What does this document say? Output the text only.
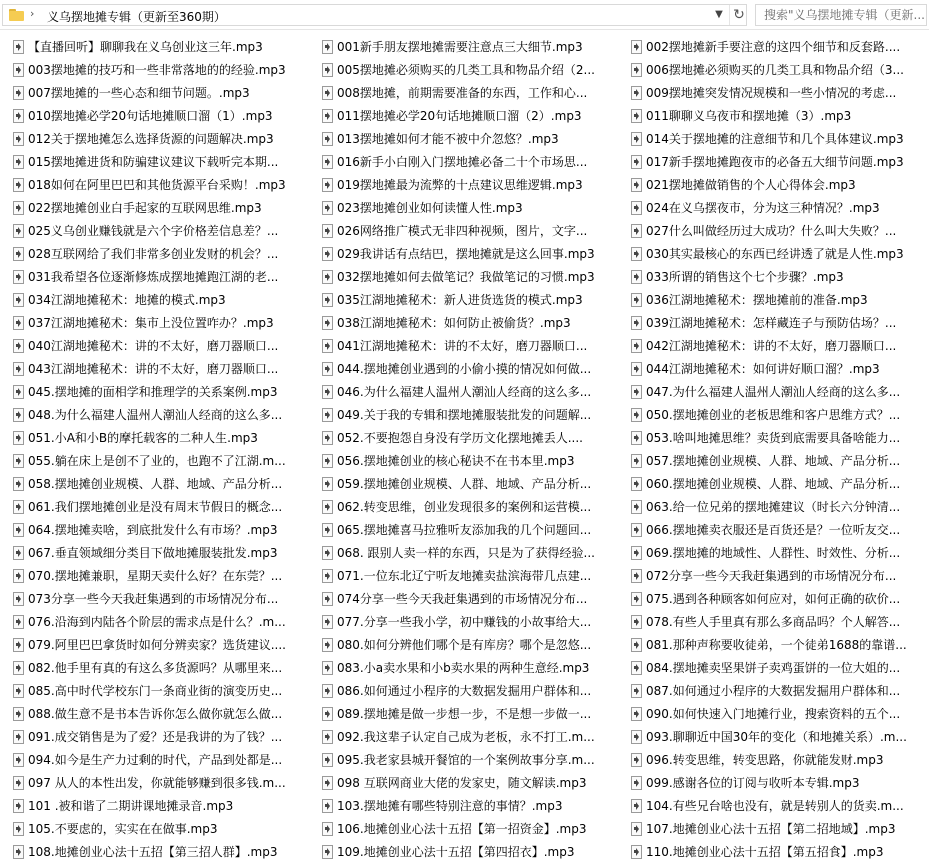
› 义乌摆地摊专辑（更新至360期）	▼ ↻
搜索"义乌摆地摊专辑（更新...
【直播回听】聊聊我在义乌创业这三年.mp3	001新手朋友摆地摊需要注意点三大细节.mp3	002摆地摊新手要注意的这四个细节和反套路....
003摆地摊的技巧和一些非常落地的的经验.mp3	005摆地摊必须购买的几类工具和物品介绍（2...	006摆地摊必须购买的几类工具和物品介绍（3...
007摆地摊的一些心态和细节问题。.mp3	008摆地摊，前期需要准备的东西，工作和心...	009摆地摊突发情况规模和一些小情况的考虑...
010摆地摊必学20句话地摊顺口溜（1）.mp3	011摆地摊必学20句话地摊顺口溜（2）.mp3	011聊聊义乌夜市和摆地摊（3）.mp3
012关于摆地摊怎么选择货源的问题解决.mp3	013摆地摊如何才能不被中介忽悠？.mp3	014关于摆地摊的注意细节和几个具体建议.mp3
015摆地摊进货和防骗建议建议下载听完本期...	016新手小白刚入门摆地摊必备二十个市场思...	017新手摆地摊跑夜市的必备五大细节问题.mp3
018如何在阿里巴巴和其他货源平台采购！.mp3	019摆地摊最为流弊的十点建议思维逻辑.mp3	021摆地摊做销售的个人心得体会.mp3
022摆地摊创业白手起家的互联网思维.mp3	023摆地摊创业如何读懂人性.mp3	024在义乌摆夜市，分为这三种情况？.mp3
025义乌创业赚钱就是六个字价格差信息差？...	026网络推广模式无非四种视频，图片，文字...	027什么叫做经历过大成功？什么叫大失败？...
028互联网给了我们非常多创业发财的机会？...	029我讲话有点结巴，摆地摊就是这么回事.mp3	030其实最核心的东西已经讲透了就是人性.mp3
031我希望各位逐渐修炼成摆地摊跑江湖的老...	032摆地摊如何去做笔记？我做笔记的习惯.mp3	033所谓的销售这个七个步骤？.mp3
034江湖地摊秘术：地摊的模式.mp3	035江湖地摊秘术：新人进货选货的模式.mp3	036江湖地摊秘术：摆地摊前的准备.mp3
037江湖地摊秘术：集市上没位置咋办？.mp3	038江湖地摊秘术：如何防止被偷货？.mp3	039江湖地摊秘术：怎样藏连子与预防估场？...
040江湖地摊秘术：讲的不太好，磨刀器顺口...	041江湖地摊秘术：讲的不太好，磨刀器顺口...	042江湖地摊秘术：讲的不太好，磨刀器顺口...
043江湖地摊秘术：讲的不太好，磨刀器顺口...	044.摆地摊创业遇到的小偷小摸的情况如何做...	044江湖地摊秘术：如何讲好顺口溜？.mp3
045.摆地摊的面相学和推理学的关系案例.mp3	046.为什么福建人温州人潮汕人经商的这么多...	047.为什么福建人温州人潮汕人经商的这么多...
048.为什么福建人温州人潮汕人经商的这么多...	049.关于我的专辑和摆地摊服装批发的问题解...	050.摆地摊创业的老板思维和客户思维方式？...
051.小A和小B的摩托载客的二种人生.mp3	052.不要抱怨自身没有学历文化摆地摊丢人....	053.啥叫地摊思维？卖货到底需要具备啥能力...
055.躺在床上是创不了业的，也跑不了江湖.m...	056.摆地摊创业的核心秘诀不在书本里.mp3	057.摆地摊创业规模、人群、地域、产品分析...
058.摆地摊创业规模、人群、地域、产品分析...	059.摆地摊创业规模、人群、地域、产品分析...	060.摆地摊创业规模、人群、地域、产品分析...
061.我们摆地摊创业是没有周末节假日的概念...	062.转变思维，创业发现很多的案例和运营模...	063.给一位兄弟的摆地摊建议（时长六分钟清...
064.摆地摊卖啥，到底批发什么有市场？.mp3	065.摆地摊喜马拉雅听友添加我的几个问题回...	066.摆地摊卖衣服还是百货还是？一位听友交...
067.垂直领域细分类目下做地摊服装批发.mp3	068. 跟别人卖一样的东西，只是为了获得经验...	069.摆地摊的地域性、人群性、时效性、分析...
070.摆地摊兼职，星期天卖什么好？在东莞？...	071.一位东北辽宁听友地摊卖盐滨海带几点建...	072分享一些今天我赶集遇到的市场情况分布...
073分享一些今天我赶集遇到的市场情况分布...	074分享一些今天我赶集遇到的市场情况分布...	075.遇到各种顾客如何应对，如何正确的砍价...
076.沿海到内陆各个阶层的需求点是什么？.m...	077.分享一些我小学，初中赚钱的小故事给大...	078.有些人手里真有那么多商品吗？个人解答...
079.阿里巴巴拿货时如何分辨卖家？选货建议....	080.如何分辨他们哪个是有库房？哪个是忽悠...	081.那种声称要收徒弟，一个徒弟1688的靠谱...
082.他手里有真的有这么多货源吗？从哪里来...	083.小a卖水果和小b卖水果的两种生意经.mp3	084.摆地摊卖坚果饼子卖鸡蛋饼的一位大姐的...
085.高中时代学校东门一条商业街的演变历史...	086.如何通过小程序的大数据发掘用户群体和...	087.如何通过小程序的大数据发掘用户群体和...
088.做生意不是书本告诉你怎么做你就怎么做...	089.摆地摊是做一步想一步，不是想一步做一...	090.如何快速入门地摊行业，搜索资料的五个...
091.成交销售是为了爱？还是我讲的为了钱？...	092.我这辈子认定自己成为老板，永不打工.m...	093.聊聊近中国30年的变化（和地摊关系）.m...
094.如今是生产力过剩的时代，产品到处都是...	095.我老家县城开餐馆的一个案例故事分享.m...	096.转变思维，转变思路，你就能发财.mp3
097 从人的本性出发，你就能够赚到很多钱.m...	098 互联网商业大佬的发家史，随文解读.mp3	099.感谢各位的订阅与收听本专辑.mp3
101 .被和谐了二期讲课地摊录音.mp3	103.摆地摊有哪些特别注意的事情？.mp3	104.有些兄台啥也没有，就是转别人的货卖.m...
105.不要虑的，实实在在做事.mp3	106.地摊创业心法十五招【第一招资金】.mp3	107.地摊创业心法十五招【第二招地域】.mp3
108.地摊创业心法十五招【第三招人群】.mp3	109.地摊创业心法十五招【第四招衣】.mp3	110.地摊创业心法十五招【第五招食】.mp3
